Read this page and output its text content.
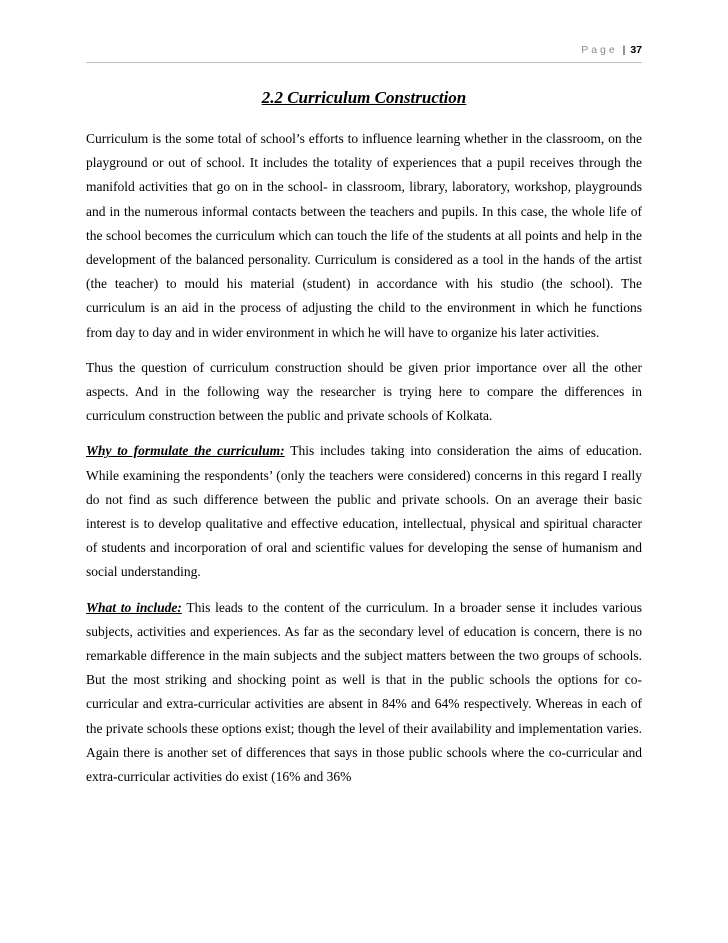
Page | 37
2.2 Curriculum Construction

Curriculum is the some total of school’s efforts to influence learning whether in the classroom, on the playground or out of school. It includes the totality of experiences that a pupil receives through the manifold activities that go on in the school- in classroom, library, laboratory, workshop, playgrounds and in the numerous informal contacts between the teachers and pupils. In this case, the whole life of the school becomes the curriculum which can touch the life of the students at all points and help in the development of the balanced personality. Curriculum is considered as a tool in the hands of the artist (the teacher) to mould his material (student) in accordance with his studio (the school). The curriculum is an aid in the process of adjusting the child to the environment in which he functions from day to day and in wider environment in which he will have to organize his later activities.

Thus the question of curriculum construction should be given prior importance over all the other aspects. And in the following way the researcher is trying here to compare the differences in curriculum construction between the public and private schools of Kolkata.

Why to formulate the curriculum: This includes taking into consideration the aims of education. While examining the respondents’ (only the teachers were considered) concerns in this regard I really do not find as such difference between the public and private schools. On an average their basic interest is to develop qualitative and effective education, intellectual, physical and spiritual character of students and incorporation of oral and scientific values for developing the sense of humanism and social understanding.

What to include: This leads to the content of the curriculum. In a broader sense it includes various subjects, activities and experiences. As far as the secondary level of education is concern, there is no remarkable difference in the main subjects and the subject matters between the two groups of schools. But the most striking and shocking point as well is that in the public schools the options for co-curricular and extra-curricular activities are absent in 84% and 64% respectively. Whereas in each of the private schools these options exist; though the level of their availability and implementation varies. Again there is another set of differences that says in those public schools where the co-curricular and extra-curricular activities do exist (16% and 36%
